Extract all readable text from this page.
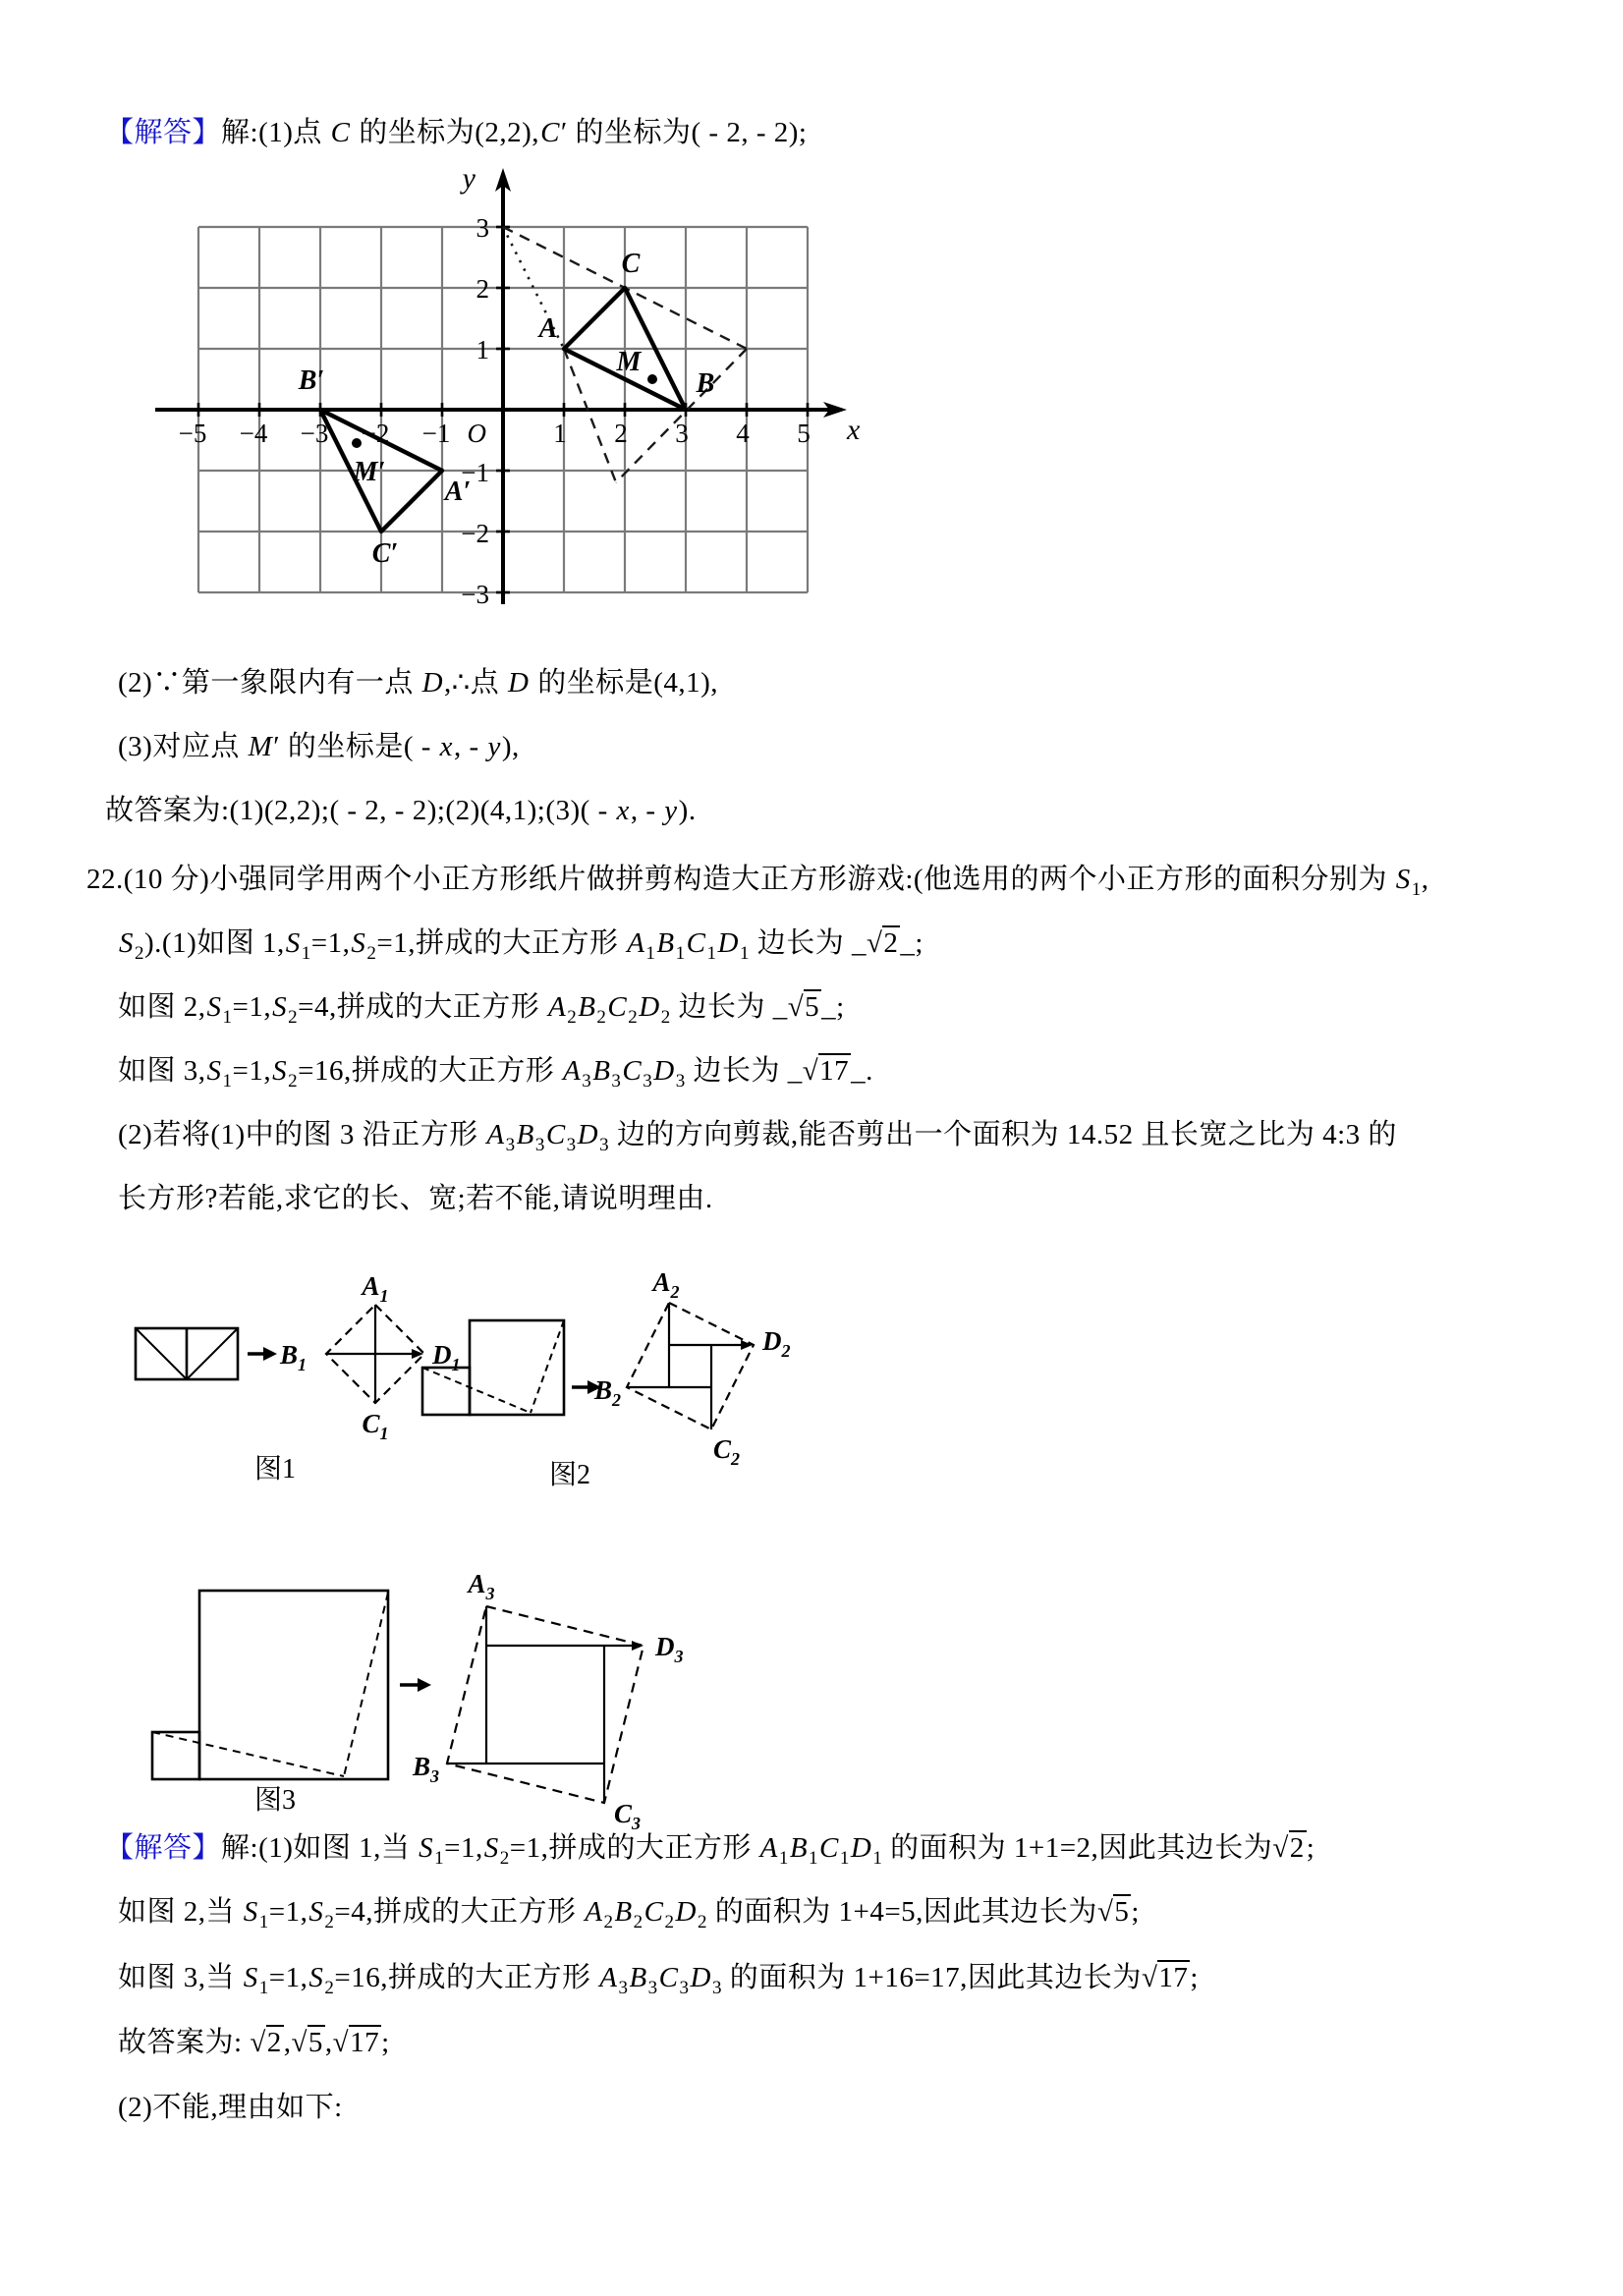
【解答】解:(1)点 C 的坐标为(2,2),C′ 的坐标为( - 2, - 2);
y
x
O
−5 −4 −3 −2 −1	1 2 3 4 5
3
2
1
−1
−2
−3
A
C
B
M
B′
A′
C′
M′
(2)∵第一象限内有一点 D,∴点 D 的坐标是(4,1),
(3)对应点 M′ 的坐标是( - x, - y),
故答案为:(1)(2,2);( - 2, - 2);(2)(4,1);(3)( - x, - y).
22.(10 分)小强同学用两个小正方形纸片做拼剪构造大正方形游戏:(他选用的两个小正方形的面积分别为 $S_1$,
$S_2).(1)$如图 $1,S_1=1,S_2=1$,拼成的大正方形 $A_1B_1C_1D_1$ 边长为 _√2_;
如图 $2,S_1=1,S_2=4$,拼成的大正方形 $A_2B_2C_2D_2$ 边长为 _√5_;
如图 $3,S_1=1,S_2=16$,拼成的大正方形 $A_3B_3C_3D_3$ 边长为 _√17_.
(2)若将(1)中的图 3 沿正方形 $A_3B_3C_3D_3$ 边的方向剪裁,能否剪出一个面积为 14.52 且长宽之比为 4:3 的
长方形?若能,求它的长、宽;若不能,请说明理由.
$A_1$
$B_1$	$D_1$
$C_1$
图1
$A_2$
$B_2$
$D_2$
$C_2$
图2
$A_3$
$B_3$
$D_3$
$C_3$
图3
【解答】解:(1)如图 1,当 $S_1=1,S_2=1$,拼成的大正方形 $A_1B_1C_1D_1$ 的面积为 1+1=2,因此其边长为√2;
如图 2,当 $S_1=1,S_2=4$,拼成的大正方形 $A_2B_2C_2D_2$ 的面积为 1+4=5,因此其边长为√5;
如图 3,当 $S_1=1,S_2=16$,拼成的大正方形 $A_3B_3C_3D_3$ 的面积为 1+16=17,因此其边长为√17;
故答案为: √2,√5,√17;
(2)不能,理由如下:
